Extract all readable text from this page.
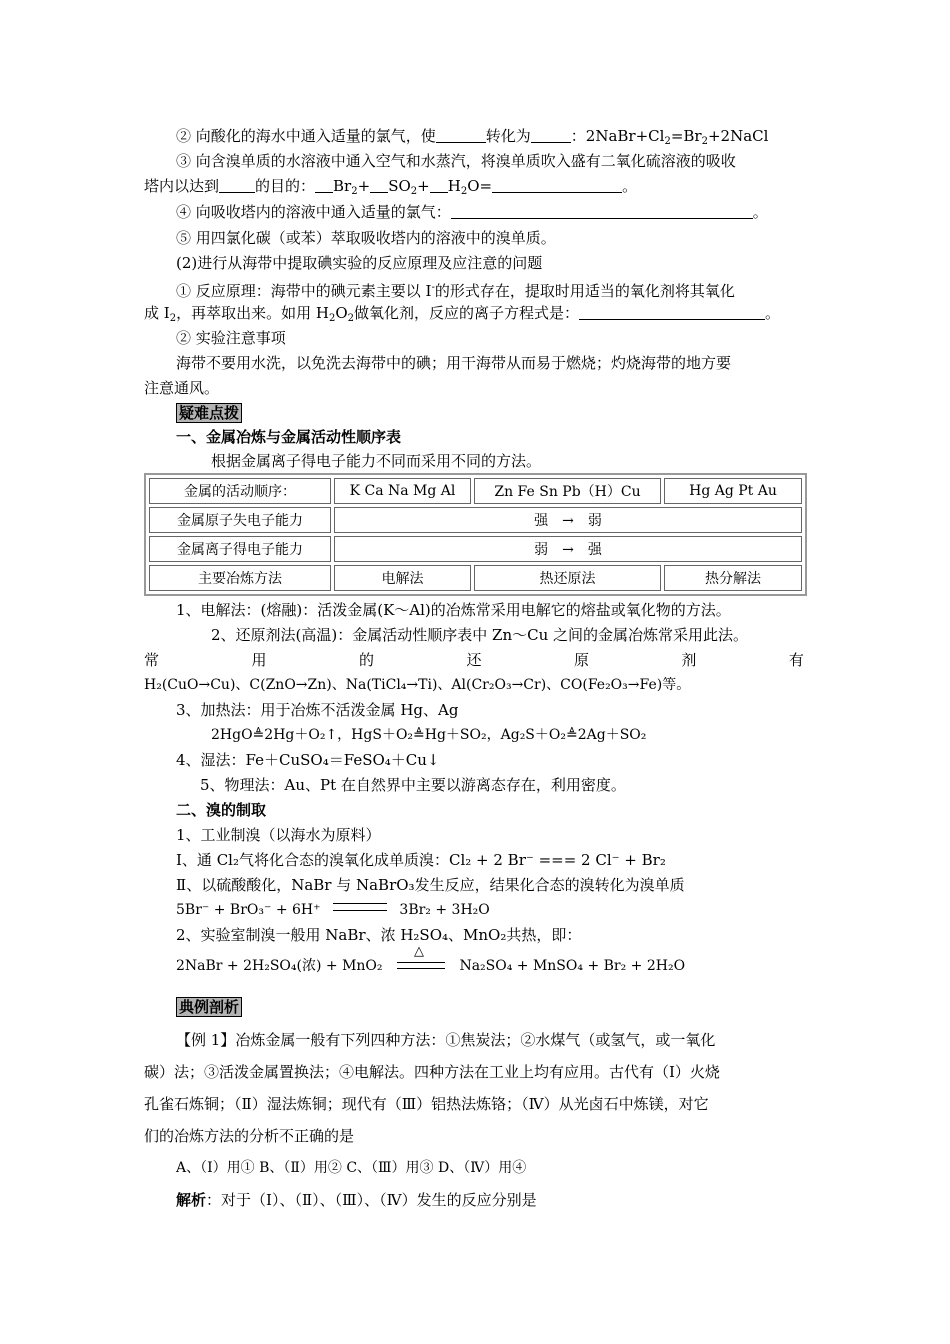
② 向酸化的海水中通入适量的氯气，使	转化为	：$2NaBr+Cl_2=Br_2+2NaCl$
③ 向含溴单质的水溶液中通入空气和水蒸汽，将溴单质吹入盛有二氧化硫溶液的吸收
塔内以达到 的目的： $Br_2+ SO_2+ H_2O=$	。
④ 向吸收塔内的溶液中通入适量的氯气：	。
⑤ 用四氯化碳（或苯）萃取吸收塔内的溶液中的溴单质。
(2)进行从海带中提取碘实验的反应原理及应注意的问题
① 反应原理：海带中的碘元素主要以 I-的形式存在，提取时用适当的氧化剂将其氧化
成 $I_2$，再萃取出来。如用 $H_2O_2$做氧化剂，反应的离子方程式是：	。
② 实验注意事项
海带不要用水洗，以免洗去海带中的碘；用干海带从而易于燃烧；灼烧海带的地方要
注意通风。
疑难点拨
一、金属冶炼与金属活动性顺序表
根据金属离子得电子能力不同而采用不同的方法。
金属的活动顺序：	K Ca Na Mg Al	Zn Fe Sn Pb（H）Cu	Hg Ag Pt Au
金属原子失电子能力	强 → 弱		
金属离子得电子能力	弱 → 强		
主要冶炼方法	电解法	热还原法	热分解法
1、电解法：(熔融)：活泼金属(K～Al)的冶炼常采用电解它的熔盐或氧化物的方法。
2、还原剂法(高温)：金属活动性顺序表中 Zn～Cu 之间的金属冶炼常采用此法。
常	用	的	还	原	剂	有
H₂(CuO→Cu)、C(ZnO→Zn)、Na(TiCl₄→Ti)、Al(Cr₂O₃→Cr)、CO(Fe₂O₃→Fe)等。
3、加热法：用于冶炼不活泼金属 Hg、Ag
2HgO≜2Hg＋O₂↑，HgS＋O₂≜Hg＋SO₂，Ag₂S＋O₂≜2Ag＋SO₂
4、湿法：Fe＋CuSO₄＝FeSO₄＋Cu↓
5、物理法：Au、Pt 在自然界中主要以游离态存在，利用密度。
二、溴的制取
1、工业制溴（以海水为原料）
Ⅰ、通 Cl₂气将化合态的溴氧化成单质溴：Cl₂ + 2 Br⁻ === 2 Cl⁻ + Br₂
Ⅱ、以硫酸酸化，NaBr 与 NaBrO₃发生反应，结果化合态的溴转化为溴单质
5Br⁻ + BrO₃⁻ + 6H⁺	3Br₂ + 3H₂O
2、实验室制溴一般用 NaBr、浓 H₂SO₄、MnO₂共热，即：
2NaBr + 2H₂SO₄(浓) + MnO₂
△
Na₂SO₄ + MnSO₄ + Br₂ + 2H₂O
典例剖析
【例 1】冶炼金属一般有下列四种方法：①焦炭法；②水煤气（或氢气，或一氧化
碳）法；③活泼金属置换法；④电解法。四种方法在工业上均有应用。古代有（Ⅰ）火烧
孔雀石炼铜；（Ⅱ）湿法炼铜；现代有（Ⅲ）铝热法炼铬；（Ⅳ）从光卤石中炼镁，对它
们的冶炼方法的分析不正确的是
A、（Ⅰ）用① B、（Ⅱ）用② C、（Ⅲ）用③ D、（Ⅳ）用④
解析：对于（Ⅰ）、（Ⅱ）、（Ⅲ）、（Ⅳ）发生的反应分别是
